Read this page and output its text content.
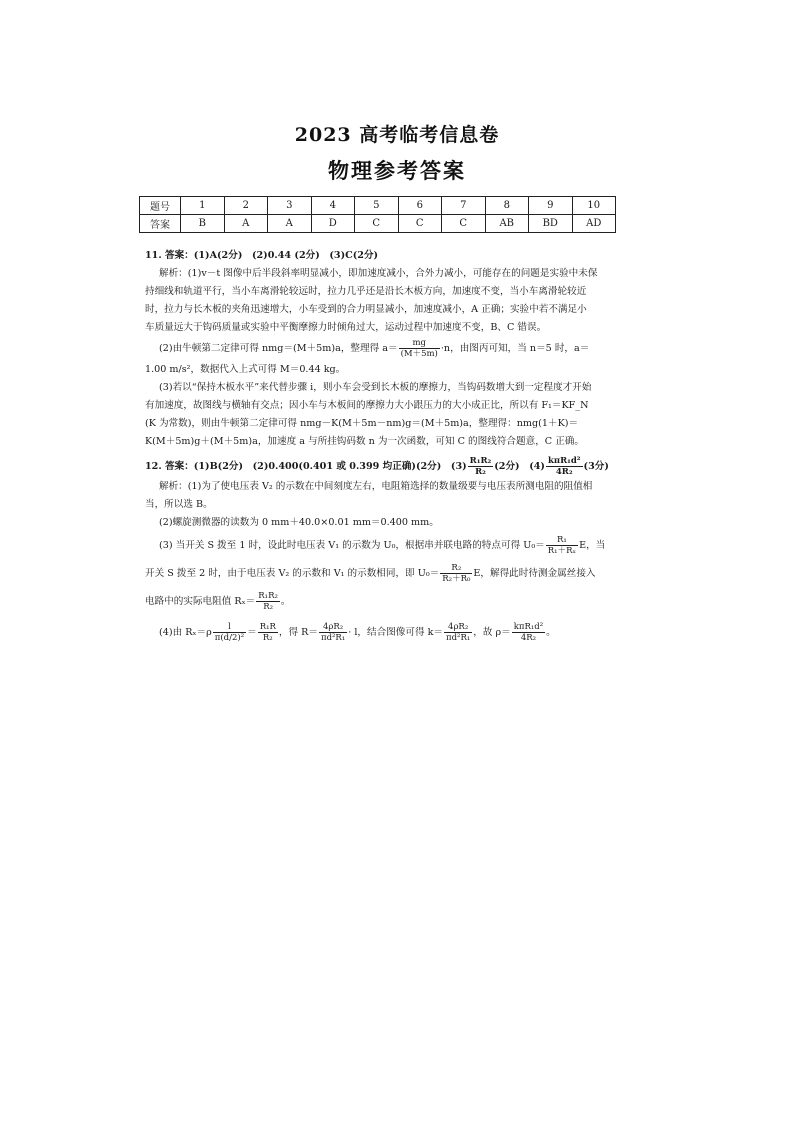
2023 高考临考信息卷
物理参考答案
题号	1	2	3	4	5	6	7	8	9	10
答案	B	A	A	D	C	C	C	AB	BD	AD
11. 答案：(1)A(2分)　(2)0.44 (2分)　(3)C(2分)
解析：(1)v－t 图像中后半段斜率明显减小，即加速度减小，合外力减小，可能存在的问题是实验中未保
持细线和轨道平行，当小车离滑轮较远时，拉力几乎还是沿长木板方向，加速度不变，当小车离滑轮较近
时，拉力与长木板的夹角迅速增大，小车受到的合力明显减小，加速度减小，A 正确；实验中若不满足小
车质量远大于钩码质量或实验中平衡摩擦力时倾角过大，运动过程中加速度不变，B、C 错误。
(2)由牛顿第二定律可得 nmg＝(M＋5m)a，整理得 $a= \frac{mg}{(M+5m)} \cdot n$，由图丙可知，当 n＝5 时，a＝
1.00 m/s²，数据代入上式可得 M＝0.44 kg。
(3)若以“保持木板水平”来代替步骤 i，则小车会受到长木板的摩擦力，当钩码数增大到一定程度才开始
有加速度，故图线与横轴有交点；因小车与木板间的摩擦力大小跟压力的大小成正比，所以有 F₁＝KF_N
(K 为常数)，则由牛顿第二定律可得 nmg－K(M＋5m－nm)g＝(M＋5m)a，整理得：nmg(1＋K)＝
K(M＋5m)g＋(M＋5m)a，加速度 a 与所挂钩码数 n 为一次函数，可知 C 的图线符合题意，C 正确。
12. 答案：(1)B(2分)　(2)0.400(0.401 或 0.399 均正确)(2分)　$(3) \frac{\text{R₁R₂}}{\text{R₂}} (2$分)　$(4) \frac{\text{kπR₁d²}}{\text{4R₂}} (3$分)
解析：(1)为了使电压表 V₂ 的示数在中间刻度左右，电阻箱选择的数量级要与电压表所测电阻的阻值相
当，所以选 B。
(2)螺旋测微器的读数为 0 mm＋40.0×0.01 mm＝0.400 mm。
(3) 当开关 S 拨至 1 时，设此时电压表 V₁ 的示数为 U₀，根据串并联电路的特点可得 $U_0= \frac{\text{R₁}}{\text{R₁＋Rₓ}}$ E，当
开关 S 拨至 2 时，由于电压表 V₂ 的示数和 V₁ 的示数相同，即 $U_0= \frac{\text{R₂}}{\text{R₂＋R₀}}$ E，解得此时待测金属丝接入
电路中的实际电阻值 $R_x= \frac{\text{R₁R₂}}{\text{R₂}}$ 。
(4)由 $R_x=\rho \frac{l}{\text{π(d/2)²}} = \frac{\text{R₁R}}{\text{R₂}}$ ，得 $R= \frac{\text{4ρR₂}}{\text{πd²R₁}} \cdot l$，结合图像可得 $k= \frac{\text{4ρR₂}}{\text{πd²R₁}}$ ，故 $\rho= \frac{\text{kπR₁d²}}{\text{4R₂}}$ 。
